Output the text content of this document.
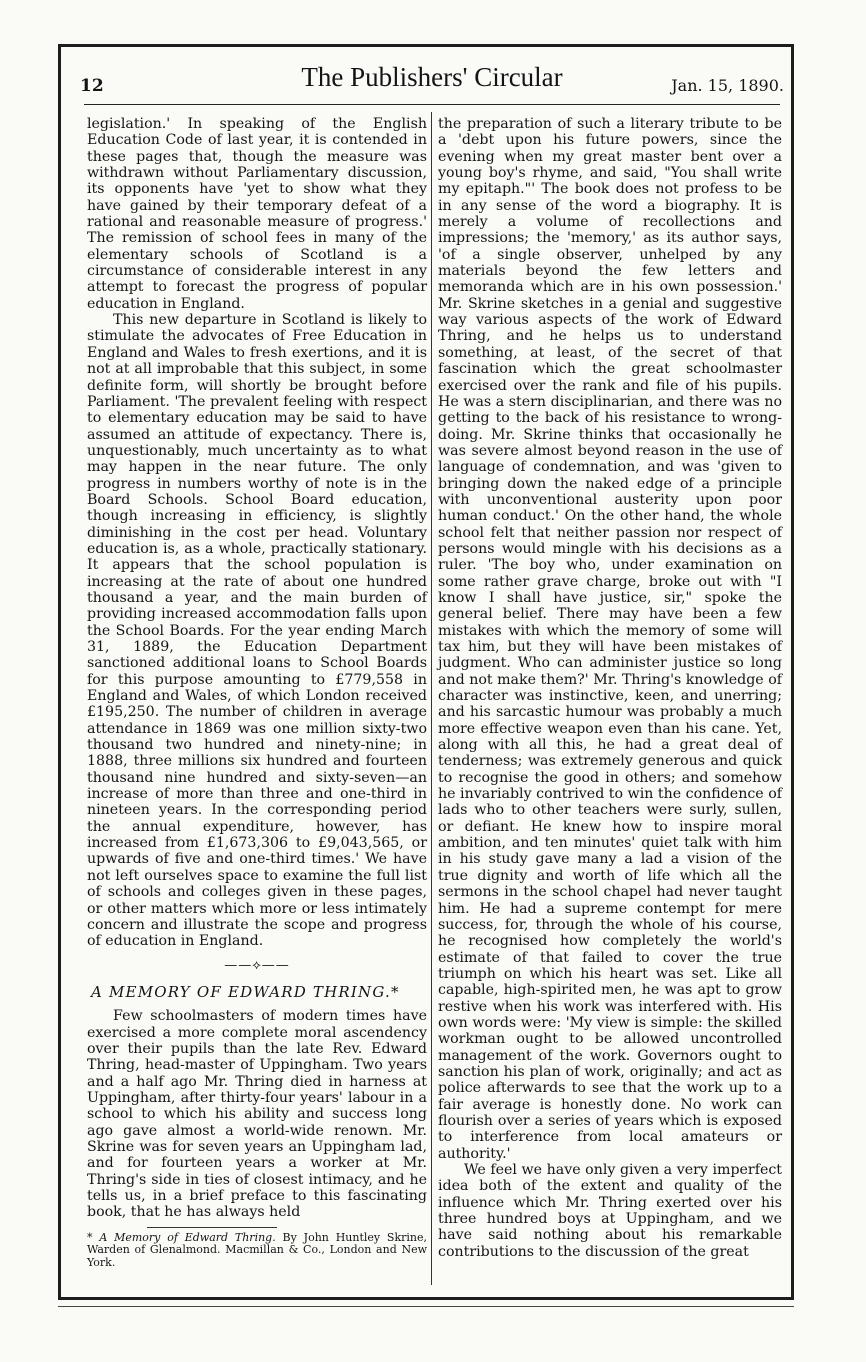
12	The Publishers' Circular	Jan. 15, 1890.

legislation.' In speaking of the English Education Code of last year, it is contended in these pages that, though the measure was withdrawn without Parliamentary discussion, its opponents have 'yet to show what they have gained by their temporary defeat of a rational and reasonable measure of progress.' The remission of school fees in many of the elementary schools of Scotland is a circumstance of considerable interest in any attempt to forecast the progress of popular education in England.

This new departure in Scotland is likely to stimulate the advocates of Free Education in England and Wales to fresh exertions, and it is not at all improbable that this subject, in some definite form, will shortly be brought before Parliament. 'The prevalent feeling with respect to elementary education may be said to have assumed an attitude of expectancy. There is, unquestionably, much uncertainty as to what may happen in the near future. The only progress in numbers worthy of note is in the Board Schools. School Board education, though increasing in efficiency, is slightly diminishing in the cost per head. Voluntary education is, as a whole, practically stationary. It appears that the school population is increasing at the rate of about one hundred thousand a year, and the main burden of providing increased accommodation falls upon the School Boards. For the year ending March 31, 1889, the Education Department sanctioned additional loans to School Boards for this purpose amounting to £779,558 in England and Wales, of which London received £195,250. The number of children in average attendance in 1869 was one million sixty-two thousand two hundred and ninety-nine; in 1888, three millions six hundred and fourteen thousand nine hundred and sixty-seven—an increase of more than three and one-third in nineteen years. In the corresponding period the annual expenditure, however, has increased from £1,673,306 to £9,043,565, or upwards of five and one-third times.' We have not left ourselves space to examine the full list of schools and colleges given in these pages, or other matters which more or less intimately concern and illustrate the scope and progress of education in England.

——⟡——
A MEMORY OF EDWARD THRING.*

Few schoolmasters of modern times have exercised a more complete moral ascendency over their pupils than the late Rev. Edward Thring, head-master of Uppingham. Two years and a half ago Mr. Thring died in harness at Uppingham, after thirty-four years' labour in a school to which his ability and success long ago gave almost a world-wide renown. Mr. Skrine was for seven years an Uppingham lad, and for fourteen years a worker at Mr. Thring's side in ties of closest intimacy, and he tells us, in a brief preface to this fascinating book, that he has always held

* A Memory of Edward Thring. By John Huntley Skrine, Warden of Glenalmond. Macmillan & Co., London and New York.

the preparation of such a literary tribute to be a 'debt upon his future powers, since the evening when my great master bent over a young boy's rhyme, and said, "You shall write my epitaph."' The book does not profess to be in any sense of the word a biography. It is merely a volume of recollections and impressions; the 'memory,' as its author says, 'of a single observer, unhelped by any materials beyond the few letters and memoranda which are in his own possession.' Mr. Skrine sketches in a genial and suggestive way various aspects of the work of Edward Thring, and he helps us to understand something, at least, of the secret of that fascination which the great schoolmaster exercised over the rank and file of his pupils. He was a stern disciplinarian, and there was no getting to the back of his resistance to wrong-doing. Mr. Skrine thinks that occasionally he was severe almost beyond reason in the use of language of condemnation, and was 'given to bringing down the naked edge of a principle with unconventional austerity upon poor human conduct.' On the other hand, the whole school felt that neither passion nor respect of persons would mingle with his decisions as a ruler. 'The boy who, under examination on some rather grave charge, broke out with "I know I shall have justice, sir," spoke the general belief. There may have been a few mistakes with which the memory of some will tax him, but they will have been mistakes of judgment. Who can administer justice so long and not make them?' Mr. Thring's knowledge of character was instinctive, keen, and unerring; and his sarcastic humour was probably a much more effective weapon even than his cane. Yet, along with all this, he had a great deal of tenderness; was extremely generous and quick to recognise the good in others; and somehow he invariably contrived to win the confidence of lads who to other teachers were surly, sullen, or defiant. He knew how to inspire moral ambition, and ten minutes' quiet talk with him in his study gave many a lad a vision of the true dignity and worth of life which all the sermons in the school chapel had never taught him. He had a supreme contempt for mere success, for, through the whole of his course, he recognised how completely the world's estimate of that failed to cover the true triumph on which his heart was set. Like all capable, high-spirited men, he was apt to grow restive when his work was interfered with. His own words were: 'My view is simple: the skilled workman ought to be allowed uncontrolled management of the work. Governors ought to sanction his plan of work, originally; and act as police afterwards to see that the work up to a fair average is honestly done. No work can flourish over a series of years which is exposed to interference from local amateurs or authority.'

We feel we have only given a very imperfect idea both of the extent and quality of the influence which Mr. Thring exerted over his three hundred boys at Uppingham, and we have said nothing about his remarkable contributions to the discussion of the great
